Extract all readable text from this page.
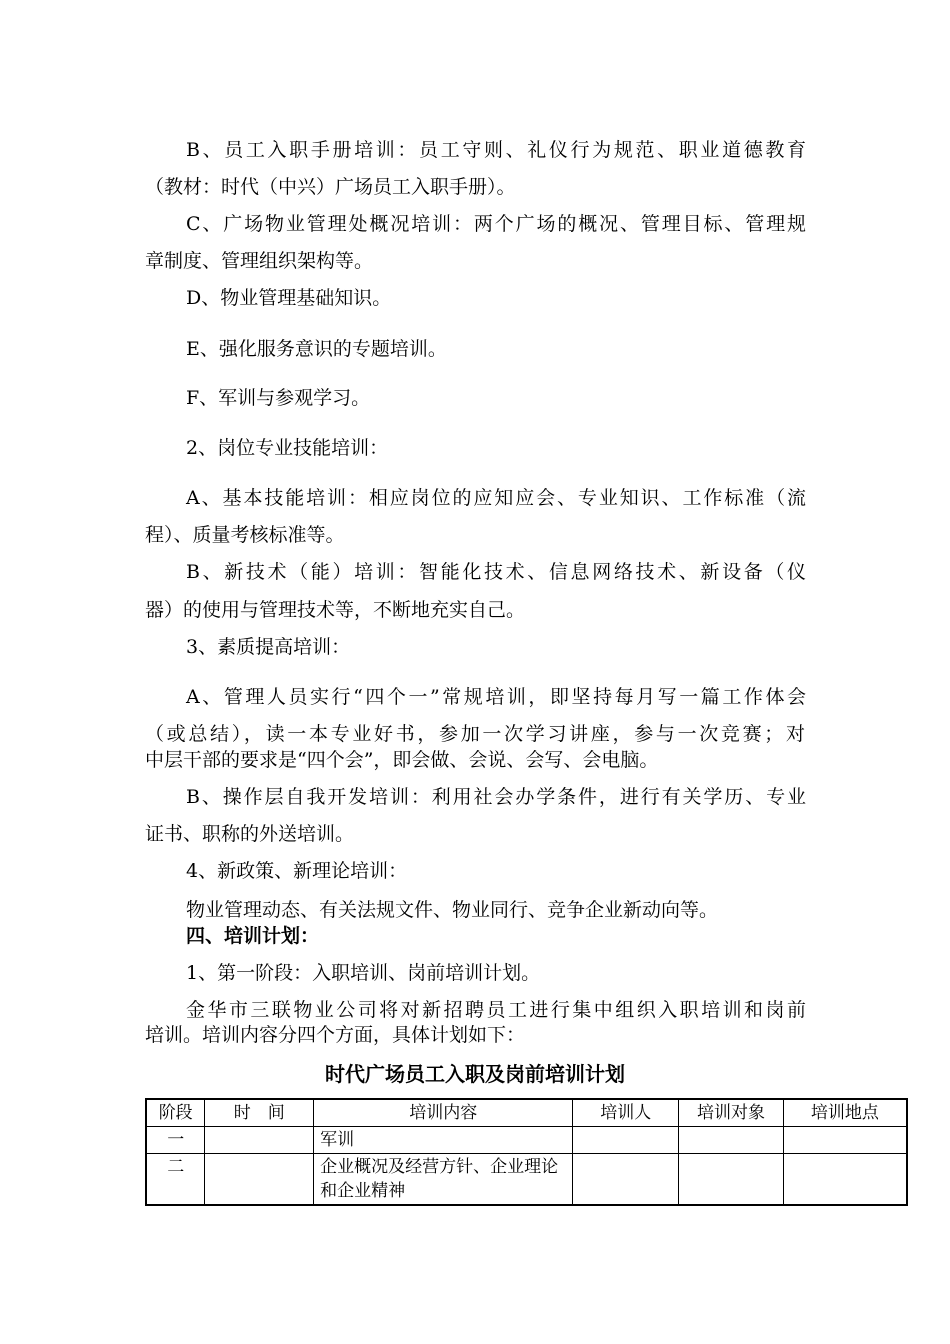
B、员工入职手册培训：员工守则、礼仪行为规范、职业道德教育
（教材：时代（中兴）广场员工入职手册）。
C、广场物业管理处概况培训：两个广场的概况、管理目标、管理规
章制度、管理组织架构等。
D、物业管理基础知识。
E、强化服务意识的专题培训。
F、军训与参观学习。
2、岗位专业技能培训：
A、基本技能培训：相应岗位的应知应会、专业知识、工作标准（流
程）、质量考核标准等。
B、新技术（能）培训：智能化技术、信息网络技术、新设备（仪
器）的使用与管理技术等，不断地充实自己。
3、素质提高培训：
A、管理人员实行“四个一”常规培训，即坚持每月写一篇工作体会
（或总结），读一本专业好书，参加一次学习讲座，参与一次竞赛；对
中层干部的要求是“四个会”，即会做、会说、会写、会电脑。
B、操作层自我开发培训：利用社会办学条件，进行有关学历、专业
证书、职称的外送培训。
4、新政策、新理论培训：
物业管理动态、有关法规文件、物业同行、竞争企业新动向等。
四、培训计划：
1、第一阶段：入职培训、岗前培训计划。
金华市三联物业公司将对新招聘员工进行集中组织入职培训和岗前
培训。培训内容分四个方面，具体计划如下：
时代广场员工入职及岗前培训计划
阶段	时　间	培训内容	培训人	培训对象	培训地点
一		军训			
二		企业概况及经营方针、企业理论和企业精神			
